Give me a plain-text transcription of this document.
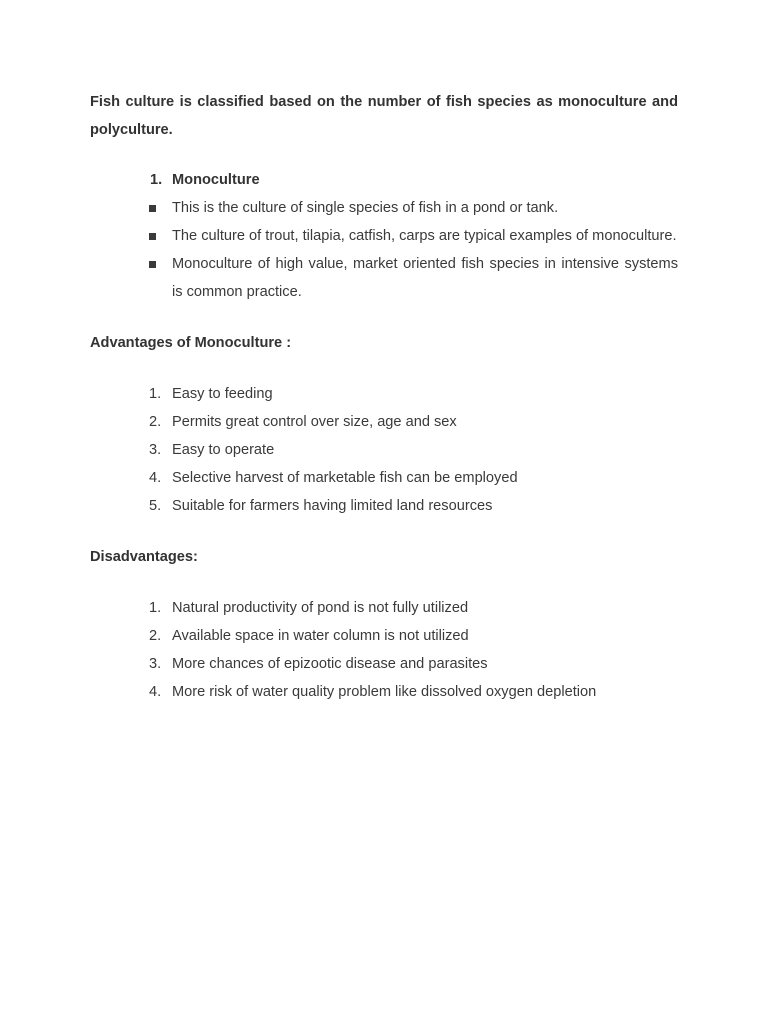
Fish culture is classified based on the number of fish species as monoculture and polyculture.

1. Monoculture
This is the culture of single species of fish in a pond or tank.
The culture of trout, tilapia, catfish, carps are typical examples of monoculture.
Monoculture of high value, market oriented fish species in intensive systems is common practice.

Advantages of Monoculture :

1. Easy to feeding
2. Permits great control over size, age and sex
3. Easy to operate
4. Selective harvest of marketable fish can be employed
5. Suitable for farmers having limited land resources

Disadvantages:

1. Natural productivity of pond is not fully utilized
2. Available space in water column is not utilized
3. More chances of epizootic disease and parasites
4. More risk of water quality problem like dissolved oxygen depletion
